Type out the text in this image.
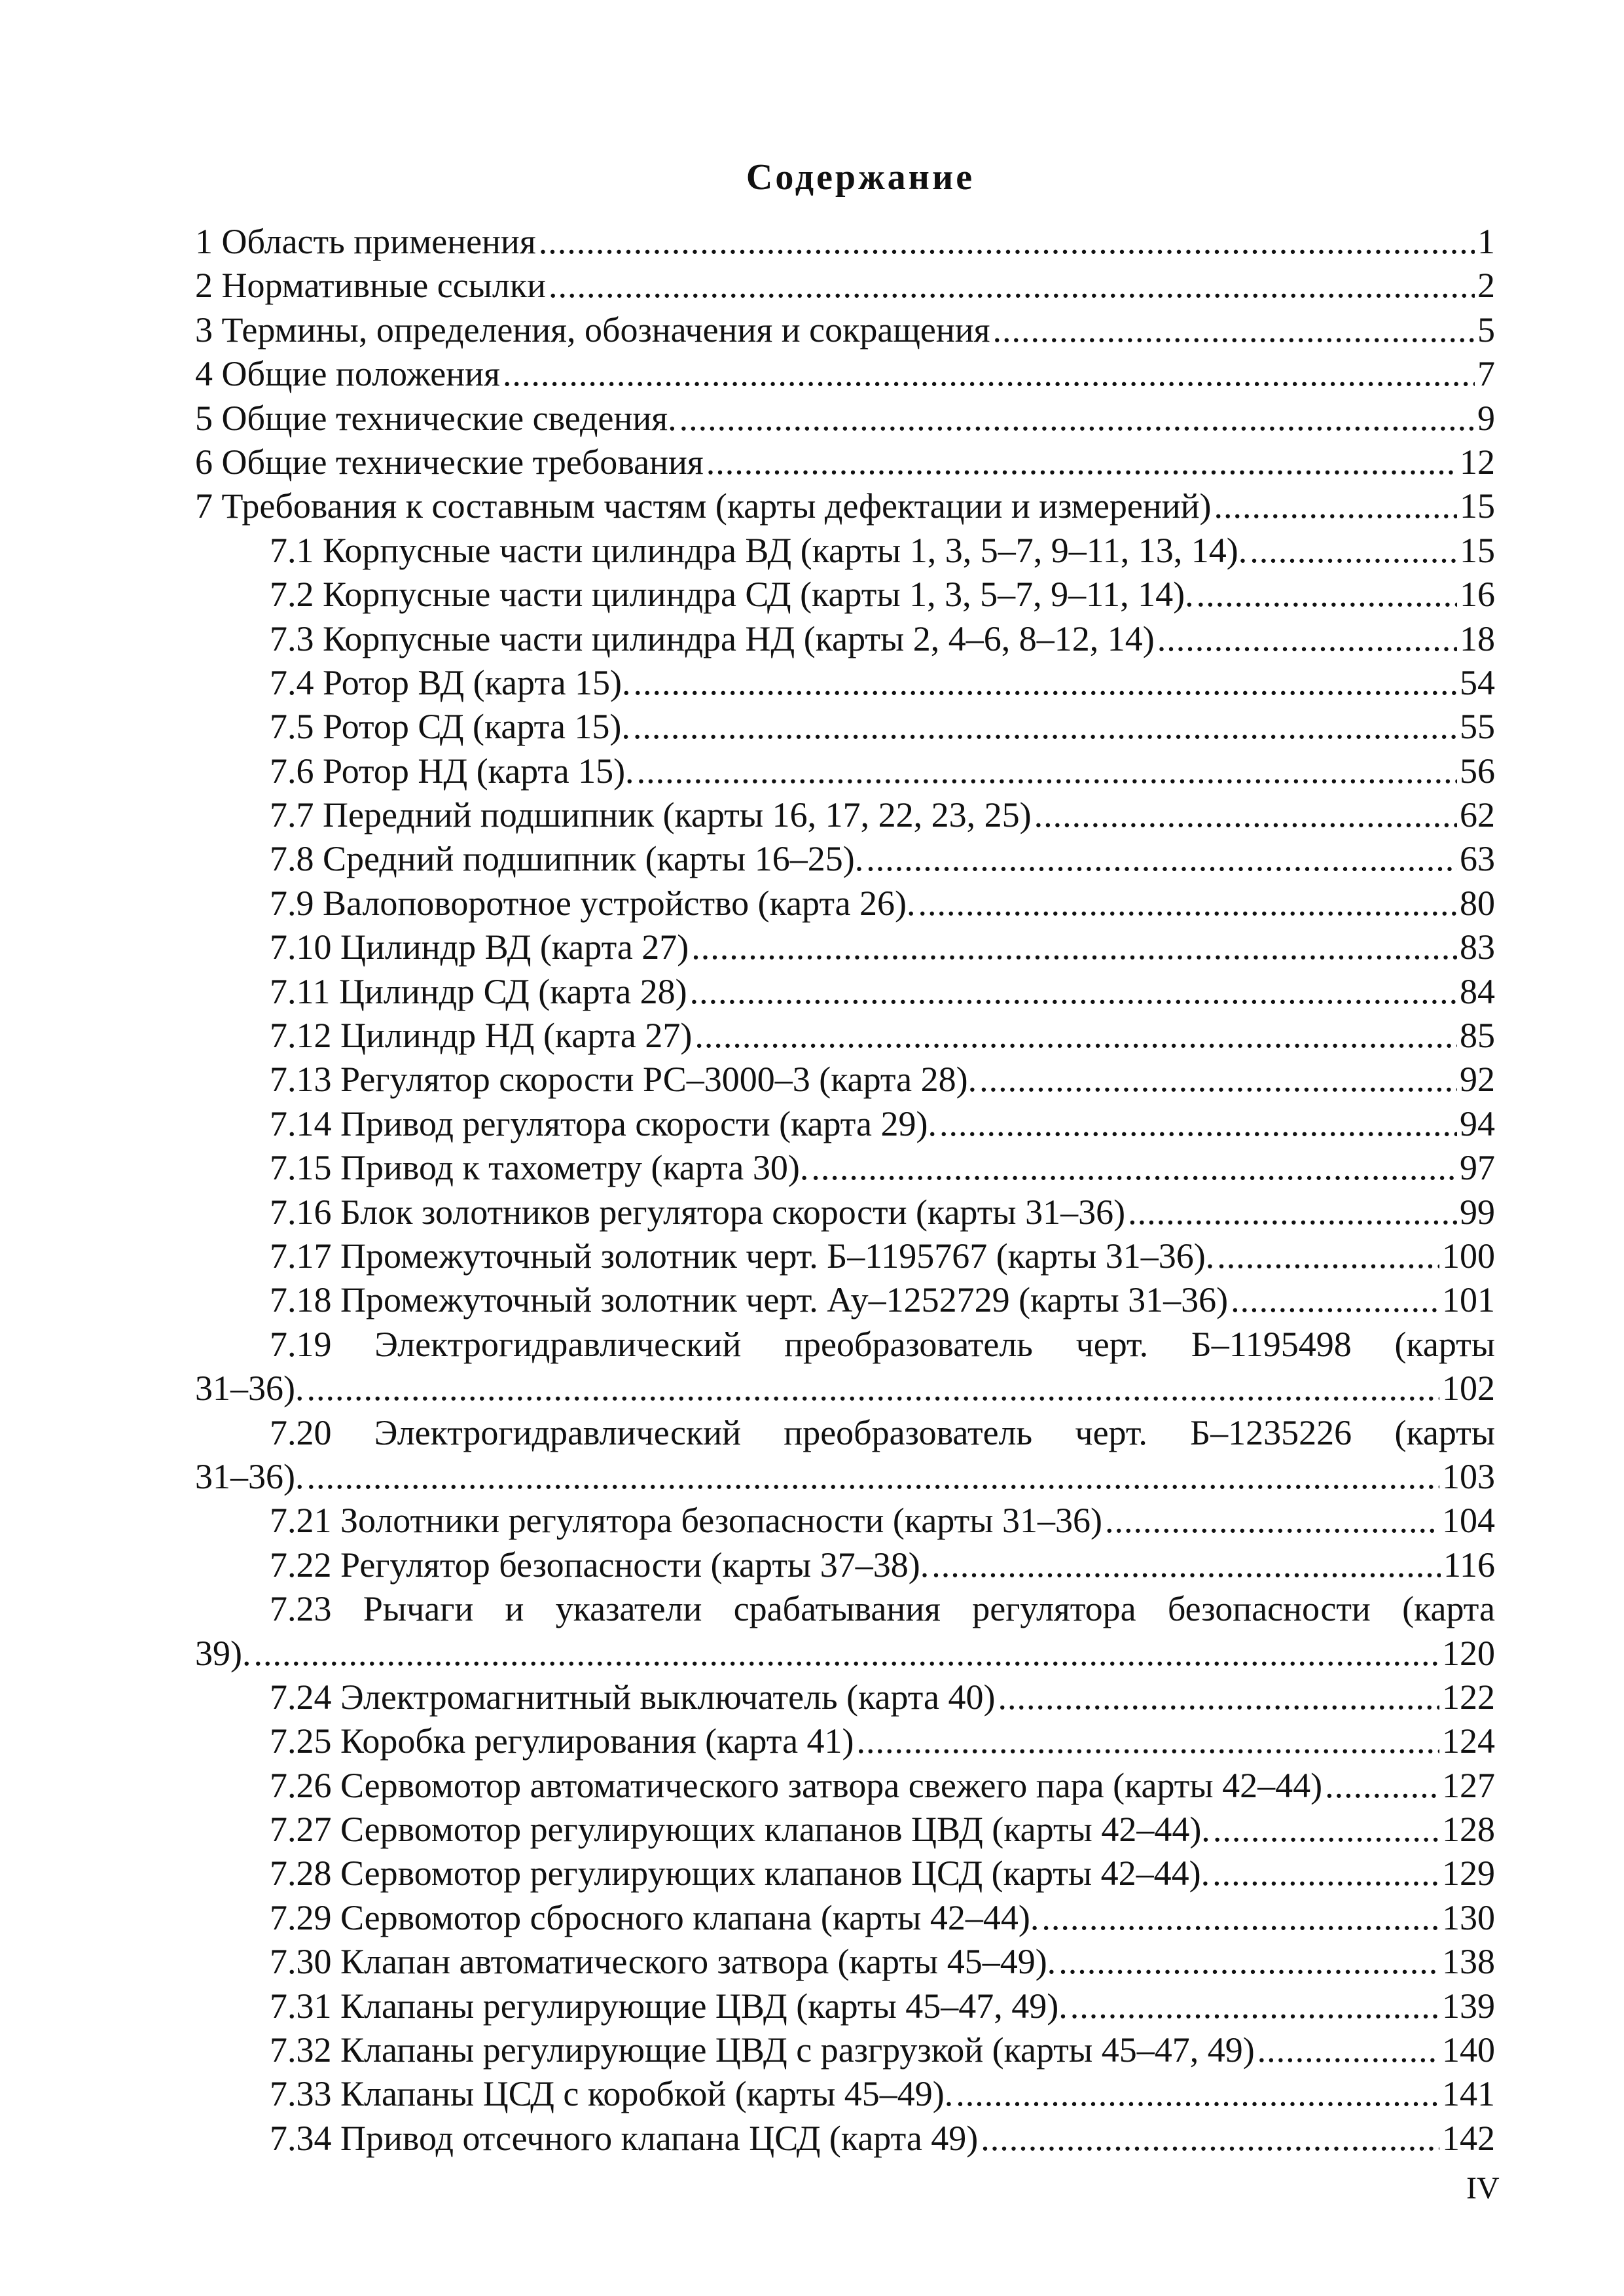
Содержание
1 Область применения .....	1
2 Нормативные ссылки .....	2
3 Термины, определения, обозначения и сокращения .....	5
4 Общие положения .....	7
5 Общие технические сведения. .....	9
6 Общие технические требования .....	12
7 Требования к составным частям (карты дефектации и измерений) .....	15
7.1 Корпусные части цилиндра ВД (карты 1, 3, 5–7, 9–11, 13, 14). .....	15
7.2 Корпусные части цилиндра СД (карты 1, 3, 5–7, 9–11, 14). .....	16
7.3 Корпусные части цилиндра НД (карты 2, 4–6, 8–12, 14) .....	18
7.4 Ротор ВД (карта 15). .....	54
7.5 Ротор СД (карта 15). .....	55
7.6 Ротор НД (карта 15). .....	56
7.7 Передний подшипник (карты 16, 17, 22, 23, 25) .....	62
7.8 Средний подшипник (карты 16–25). .....	63
7.9 Валоповоротное устройство (карта 26). .....	80
7.10 Цилиндр ВД (карта 27) .....	83
7.11 Цилиндр СД (карта 28) .....	84
7.12 Цилиндр НД (карта 27) .....	85
7.13 Регулятор скорости РС–3000–3 (карта 28). .....	92
7.14 Привод регулятора скорости (карта 29). .....	94
7.15 Привод к тахометру (карта 30). .....	97
7.16 Блок золотников регулятора скорости (карты 31–36) .....	99
7.17 Промежуточный золотник черт. Б–1195767 (карты 31–36). .....	100
7.18 Промежуточный золотник черт. Ау–1252729 (карты 31–36) .....	101
7.19 Электрогидравлический преобразователь черт. Б–1195498 (карты
31–36). .....	102
7.20 Электрогидравлический преобразователь черт. Б–1235226 (карты
31–36). .....	103
7.21 Золотники регулятора безопасности (карты 31–36) .....	104
7.22 Регулятор безопасности (карты 37–38). .....	116
7.23 Рычаги и указатели срабатывания регулятора безопасности (карта
39). .....	120
7.24 Электромагнитный выключатель (карта 40) .....	122
7.25 Коробка регулирования (карта 41) .....	124
7.26 Сервомотор автоматического затвора свежего пара (карты 42–44) .....	127
7.27 Сервомотор регулирующих клапанов ЦВД (карты 42–44). .....	128
7.28 Сервомотор регулирующих клапанов ЦСД (карты 42–44). .....	129
7.29 Сервомотор сбросного клапана (карты 42–44). .....	130
7.30 Клапан автоматического затвора (карты 45–49). .....	138
7.31 Клапаны регулирующие ЦВД (карты 45–47, 49). .....	139
7.32 Клапаны регулирующие ЦВД с разгрузкой (карты 45–47, 49) .....	140
7.33 Клапаны ЦСД с коробкой (карты 45–49). .....	141
7.34 Привод отсечного клапана ЦСД (карта 49) .....	142
IV
